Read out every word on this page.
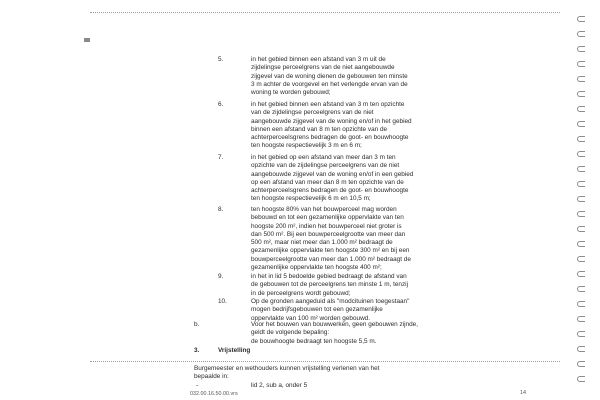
5.	in het gebied binnen een afstand van 3 m uit de
zijdelingse perceelgrens van de niet aangebouwde
zijgevel van de woning dienen de gebouwen ten minste
3 m achter de voorgevel en het verlengde ervan van de
woning te worden gebouwd;
6.	in het gebied binnen een afstand van 3 m ten opzichte
van de zijdelingse perceelgrens van de niet
aangebouwde zijgevel van de woning en/of in het gebied
binnen een afstand van 8 m ten opzichte van de
achterperceelsgrens bedragen de goot- en bouwhoogte
ten hoogste respectievelijk 3 m en 6 m;
7.	in het gebied op een afstand van meer dan 3 m ten
opzichte van de zijdelingse perceelgrens van de niet
aangebouwde zijgevel van de woning en/of in een gebied
op een afstand van meer dan 8 m ten opzichte van de
achterperceelsgrens bedragen de goot- en bouwhoogte
ten hoogste respectievelijk 6 m en 10,5 m;
8.	ten hoogste 80% van het bouwperceel mag worden
bebouwd en tot een gezamenlijke oppervlakte van ten
hoogste 200 m², indien het bouwperceel niet groter is
dan 500 m². Bij een bouwperceelgrootte van meer dan
500 m², maar niet meer dan 1.000 m² bedraagt de
gezamenlijke oppervlakte ten hoogste 300 m² en bij een
bouwperceelgrootte van meer dan 1.000 m² bedraagt de
gezamenlijke oppervlakte ten hoogste 400 m²;
9.	in het in lid 5 bedoelde gebied bedraagt de afstand van
de gebouwen tot de perceelgrens ten minste 1 m, tenzij
in de perceelgrens wordt gebouwd;
10.	Op de gronden aangeduid als "modcituinen toegestaan"
mogen bedrijfsgebouwen tot een gezamenlijke
oppervlakte van 100 m² worden gebouwd.
b.	Voor het bouwen van bouwwerken, geen gebouwen zijnde,
geldt de volgende bepaling:
de bouwhoogte bedraagt ten hoogste 5,5 m.
3.	Vrijstelling
Burgemeester en wethouders kunnen vrijstelling verlenen van het
bepaalde in:
-	lid 2, sub a, onder 5
032.00.16.50.00.vrs	14
